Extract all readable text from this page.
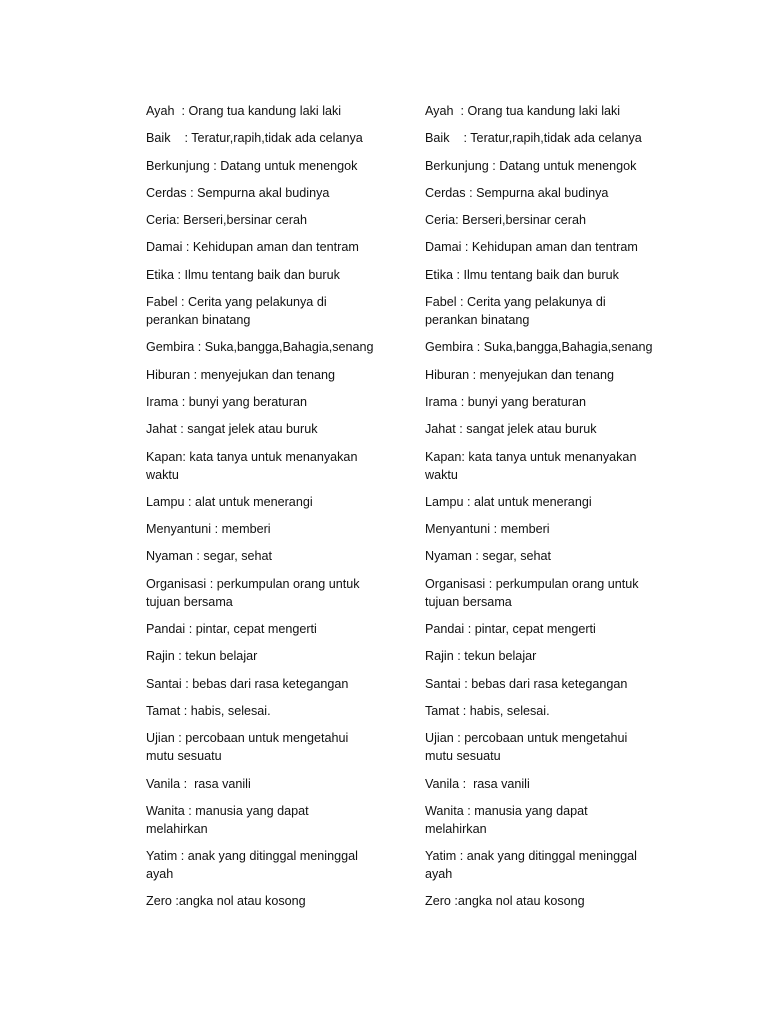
Ayah  : Orang tua kandung laki laki
Baik    : Teratur,rapih,tidak ada celanya
Berkunjung : Datang untuk menengok
Cerdas : Sempurna akal budinya
Ceria: Berseri,bersinar cerah
Damai : Kehidupan aman dan tentram
Etika : Ilmu tentang baik dan buruk
Fabel : Cerita yang pelakunya di
perankan binatang
Gembira : Suka,bangga,Bahagia,senang
Hiburan : menyejukan dan tenang
Irama : bunyi yang beraturan
Jahat : sangat jelek atau buruk
Kapan: kata tanya untuk menanyakan
waktu
Lampu : alat untuk menerangi
Menyantuni : memberi
Nyaman : segar, sehat
Organisasi : perkumpulan orang untuk
tujuan bersama
Pandai : pintar, cepat mengerti
Rajin : tekun belajar
Santai : bebas dari rasa ketegangan
Tamat : habis, selesai.
Ujian : percobaan untuk mengetahui
mutu sesuatu
Vanila :  rasa vanili
Wanita : manusia yang dapat
melahirkan
Yatim : anak yang ditinggal meninggal
ayah
Zero :angka nol atau kosong
Ayah  : Orang tua kandung laki laki
Baik    : Teratur,rapih,tidak ada celanya
Berkunjung : Datang untuk menengok
Cerdas : Sempurna akal budinya
Ceria: Berseri,bersinar cerah
Damai : Kehidupan aman dan tentram
Etika : Ilmu tentang baik dan buruk
Fabel : Cerita yang pelakunya di
perankan binatang
Gembira : Suka,bangga,Bahagia,senang
Hiburan : menyejukan dan tenang
Irama : bunyi yang beraturan
Jahat : sangat jelek atau buruk
Kapan: kata tanya untuk menanyakan
waktu
Lampu : alat untuk menerangi
Menyantuni : memberi
Nyaman : segar, sehat
Organisasi : perkumpulan orang untuk
tujuan bersama
Pandai : pintar, cepat mengerti
Rajin : tekun belajar
Santai : bebas dari rasa ketegangan
Tamat : habis, selesai.
Ujian : percobaan untuk mengetahui
mutu sesuatu
Vanila :  rasa vanili
Wanita : manusia yang dapat
melahirkan
Yatim : anak yang ditinggal meninggal
ayah
Zero :angka nol atau kosong
